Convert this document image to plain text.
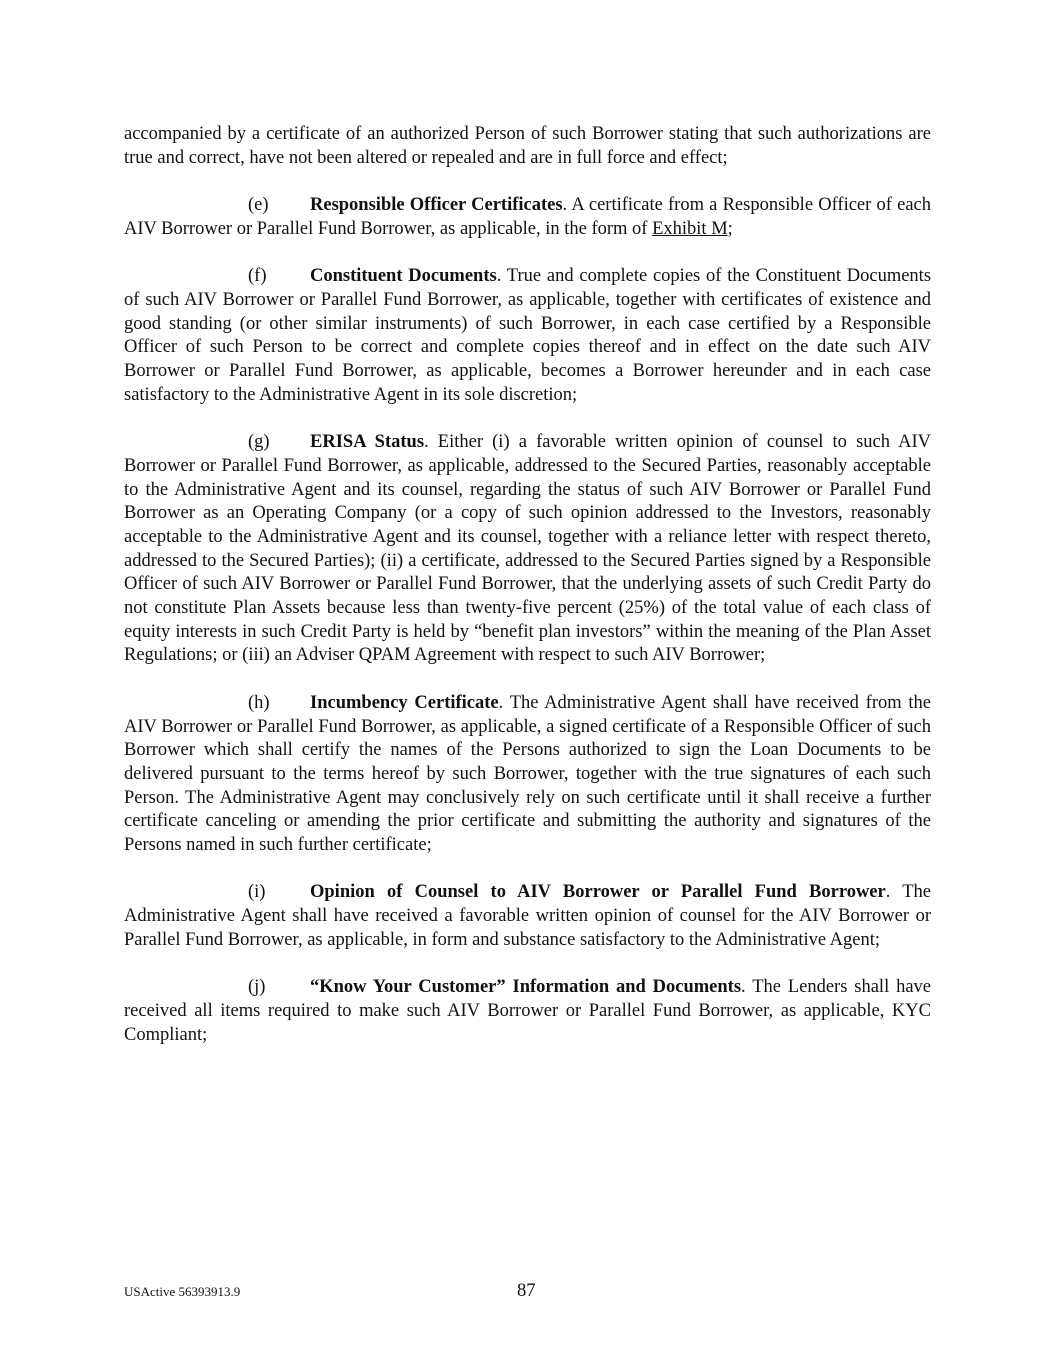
accompanied by a certificate of an authorized Person of such Borrower stating that such authorizations are true and correct, have not been altered or repealed and are in full force and effect;

(e) Responsible Officer Certificates. A certificate from a Responsible Officer of each AIV Borrower or Parallel Fund Borrower, as applicable, in the form of Exhibit M;

(f) Constituent Documents. True and complete copies of the Constituent Documents of such AIV Borrower or Parallel Fund Borrower, as applicable, together with certificates of existence and good standing (or other similar instruments) of such Borrower, in each case certified by a Responsible Officer of such Person to be correct and complete copies thereof and in effect on the date such AIV Borrower or Parallel Fund Borrower, as applicable, becomes a Borrower hereunder and in each case satisfactory to the Administrative Agent in its sole discretion;

(g) ERISA Status. Either (i) a favorable written opinion of counsel to such AIV Borrower or Parallel Fund Borrower, as applicable, addressed to the Secured Parties, reasonably acceptable to the Administrative Agent and its counsel, regarding the status of such AIV Borrower or Parallel Fund Borrower as an Operating Company (or a copy of such opinion addressed to the Investors, reasonably acceptable to the Administrative Agent and its counsel, together with a reliance letter with respect thereto, addressed to the Secured Parties); (ii) a certificate, addressed to the Secured Parties signed by a Responsible Officer of such AIV Borrower or Parallel Fund Borrower, that the underlying assets of such Credit Party do not constitute Plan Assets because less than twenty-five percent (25%) of the total value of each class of equity interests in such Credit Party is held by “benefit plan investors” within the meaning of the Plan Asset Regulations; or (iii) an Adviser QPAM Agreement with respect to such AIV Borrower;

(h) Incumbency Certificate. The Administrative Agent shall have received from the AIV Borrower or Parallel Fund Borrower, as applicable, a signed certificate of a Responsible Officer of such Borrower which shall certify the names of the Persons authorized to sign the Loan Documents to be delivered pursuant to the terms hereof by such Borrower, together with the true signatures of each such Person. The Administrative Agent may conclusively rely on such certificate until it shall receive a further certificate canceling or amending the prior certificate and submitting the authority and signatures of the Persons named in such further certificate;

(i) Opinion of Counsel to AIV Borrower or Parallel Fund Borrower. The Administrative Agent shall have received a favorable written opinion of counsel for the AIV Borrower or Parallel Fund Borrower, as applicable, in form and substance satisfactory to the Administrative Agent;

(j) “Know Your Customer” Information and Documents. The Lenders shall have received all items required to make such AIV Borrower or Parallel Fund Borrower, as applicable, KYC Compliant;

USActive 56393913.9	87
